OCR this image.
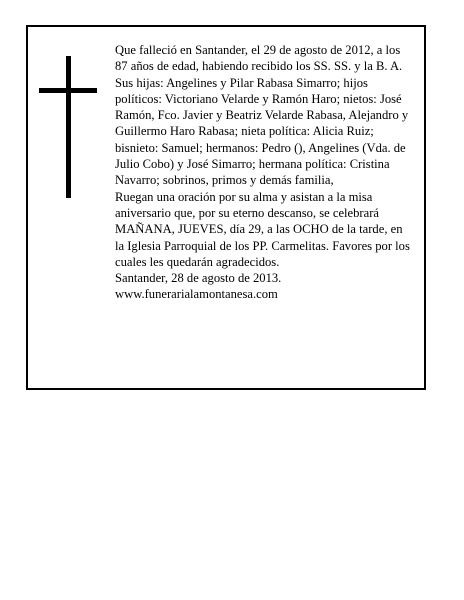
Que falleció en Santander, el 29 de agosto de 2012, a los 87 años de edad, habiendo recibido los SS. SS. y la B. A.

Sus hijas: Angelines y Pilar Rabasa Simarro; hijos políticos: Victoriano Velarde y Ramón Haro; nietos: José Ramón, Fco. Javier y Beatriz Velarde Rabasa, Alejandro y Guillermo Haro Rabasa; nieta política: Alicia Ruiz; bisnieto: Samuel; hermanos: Pedro (), Angelines (Vda. de Julio Cobo) y José Simarro; hermana política: Cristina Navarro; sobrinos, primos y demás familia,

Ruegan una oración por su alma y asistan a la misa aniversario que, por su eterno descanso, se celebrará MAÑANA, JUEVES, día 29, a las OCHO de la tarde, en la Iglesia Parroquial de los PP. Carmelitas. Favores por los cuales les quedarán agradecidos.

Santander, 28 de agosto de 2013.

www.funerarialamontanesa.com
